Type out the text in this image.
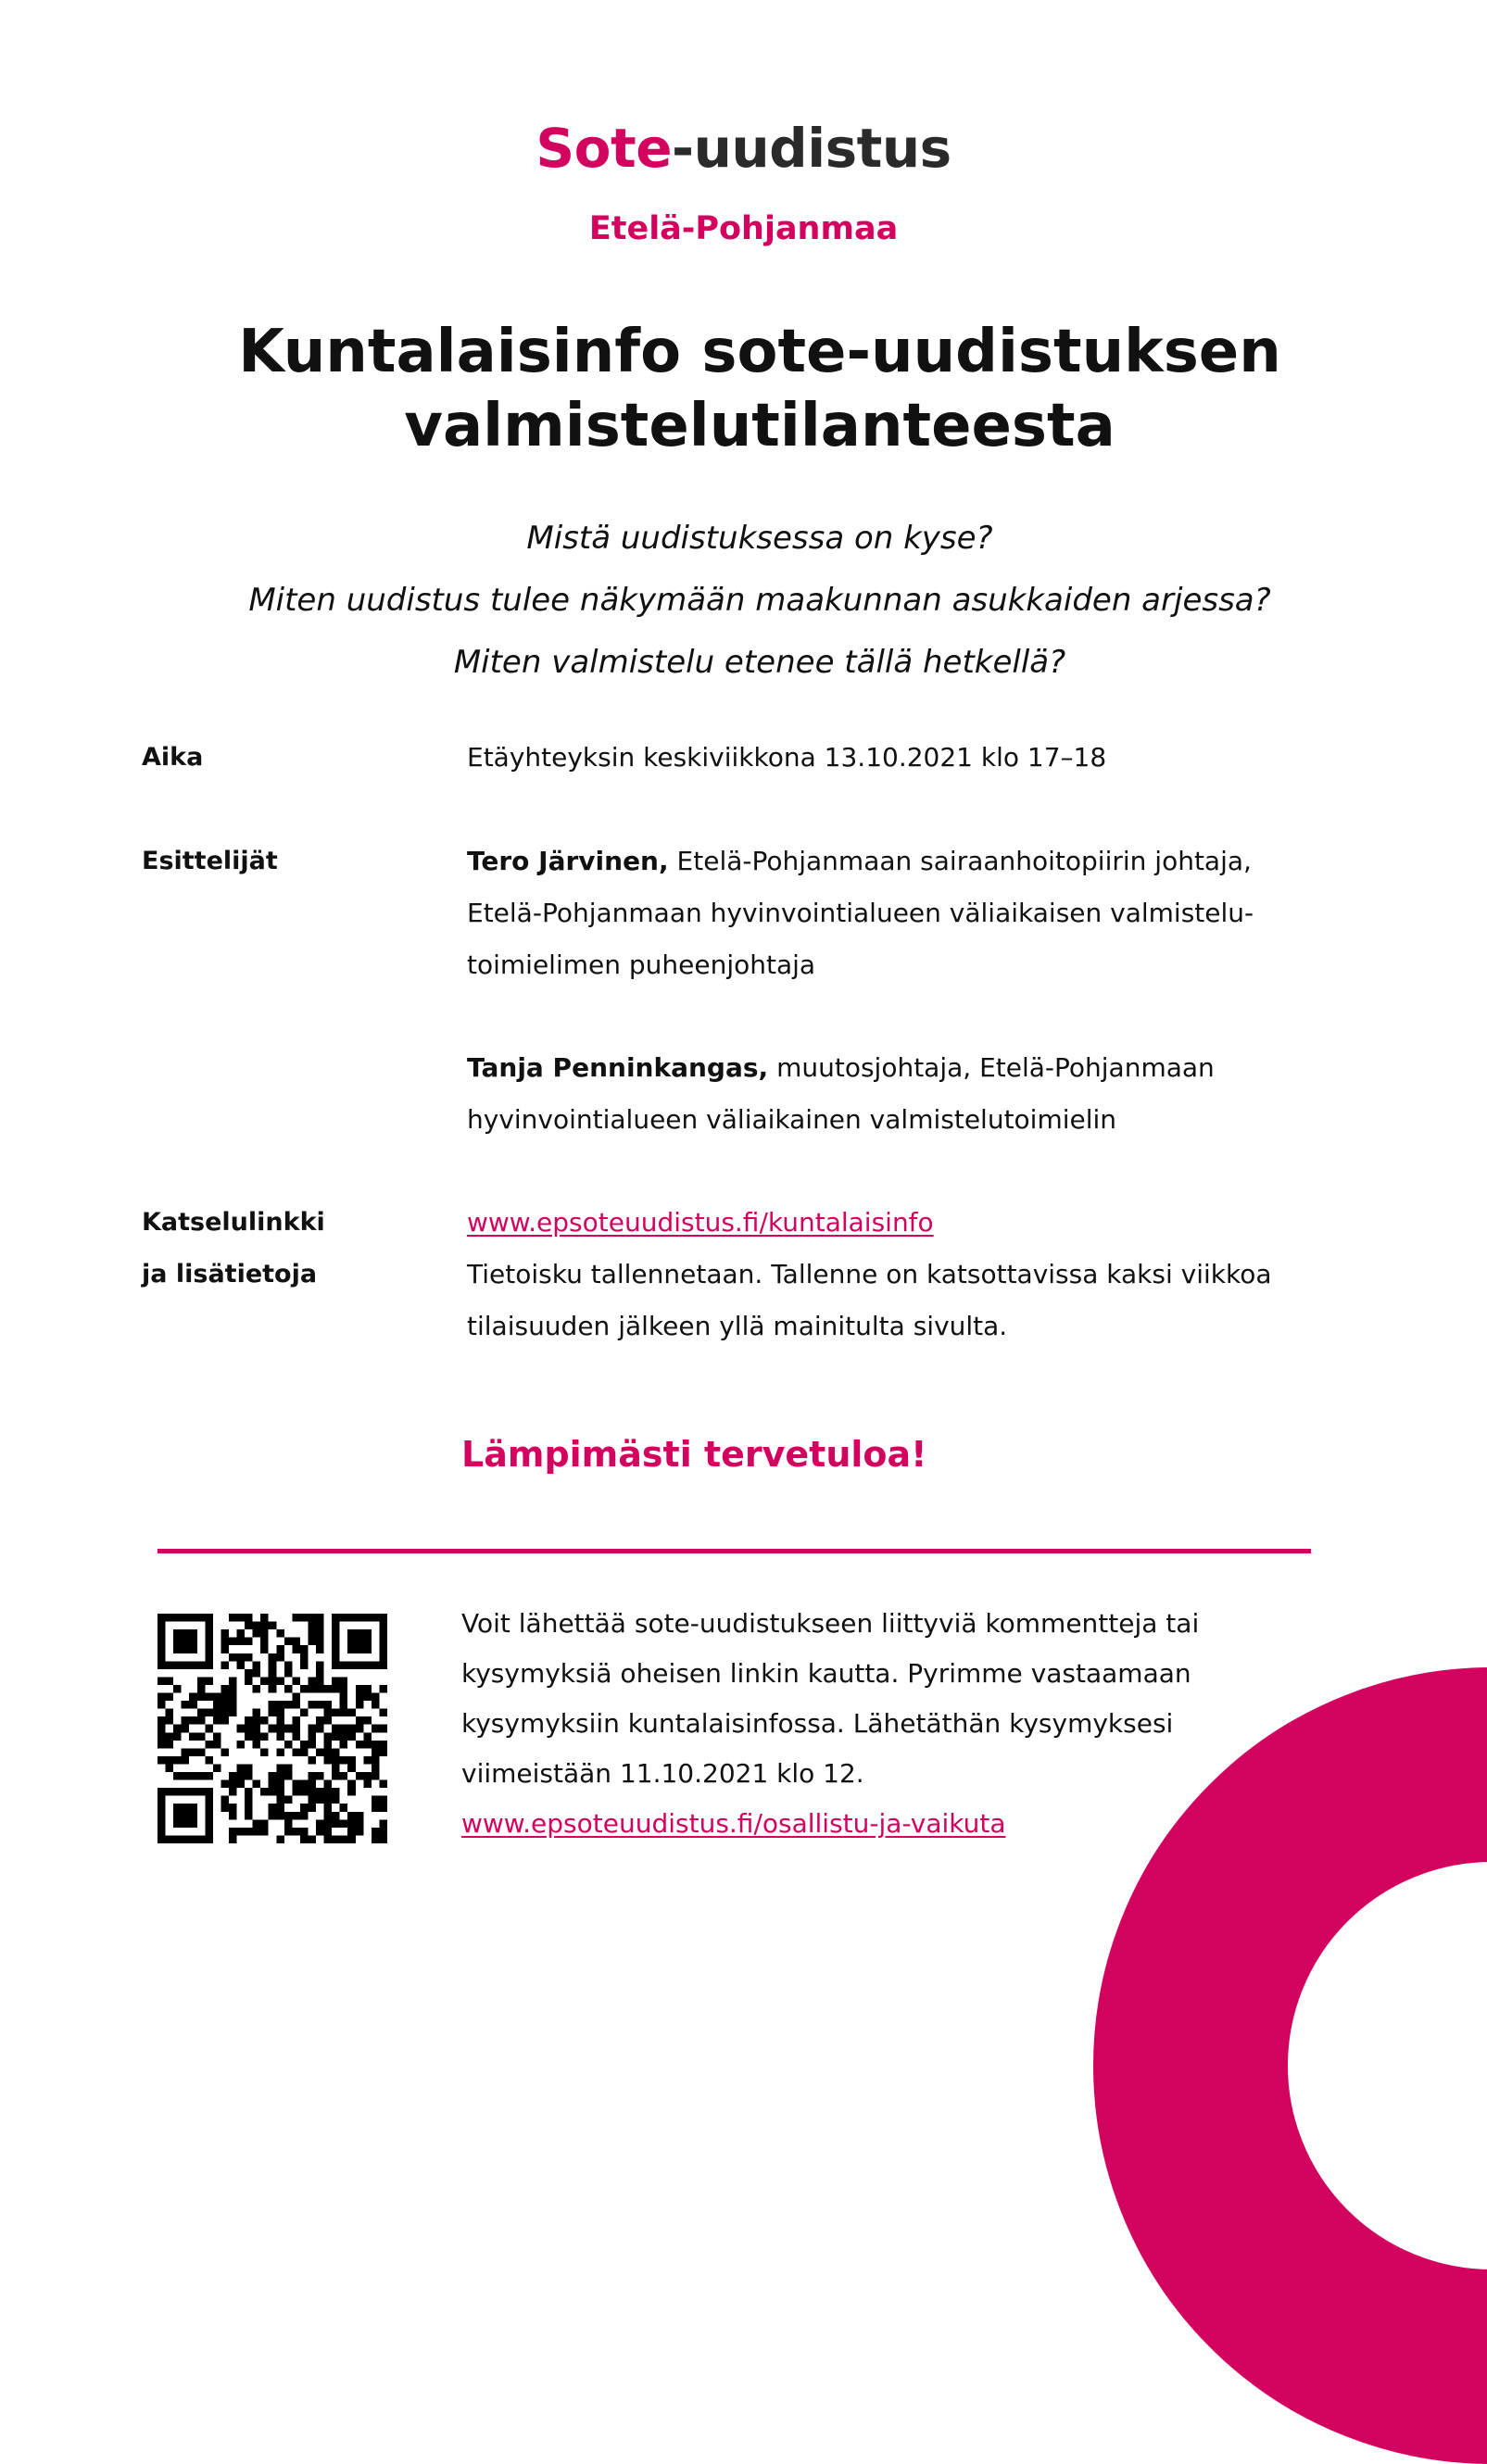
Sote-uudistus
Etelä-Pohjanmaa
Kuntalaisinfo sote-uudistuksen
valmistelutilanteesta
Mistä uudistuksessa on kyse?
Miten uudistus tulee näkymään maakunnan asukkaiden arjessa?
Miten valmistelu etenee tällä hetkellä?
Aika	Etäyhteyksin keskiviikkona 13.10.2021 klo 17–18
Esittelijät	Tero Järvinen, Etelä-Pohjanmaan sairaanhoitopiirin johtaja,
Etelä-Pohjanmaan hyvinvointialueen väliaikaisen valmistelu-
toimielimen puheenjohtaja
Tanja Penninkangas, muutosjohtaja, Etelä-Pohjanmaan
hyvinvointialueen väliaikainen valmistelutoimielin
Katselulinkki
ja lisätietoja
www.epsoteuudistus.fi/kuntalaisinfo
Tietoisku tallennetaan. Tallenne on katsottavissa kaksi viikkoa
tilaisuuden jälkeen yllä mainitulta sivulta.
Lämpimästi tervetuloa!
Voit lähettää sote-uudistukseen liittyviä kommentteja tai
kysymyksiä oheisen linkin kautta. Pyrimme vastaamaan
kysymyksiin kuntalaisinfossa. Lähetäthän kysymyksesi
viimeistään 11.10.2021 klo 12.
www.epsoteuudistus.fi/osallistu-ja-vaikuta
